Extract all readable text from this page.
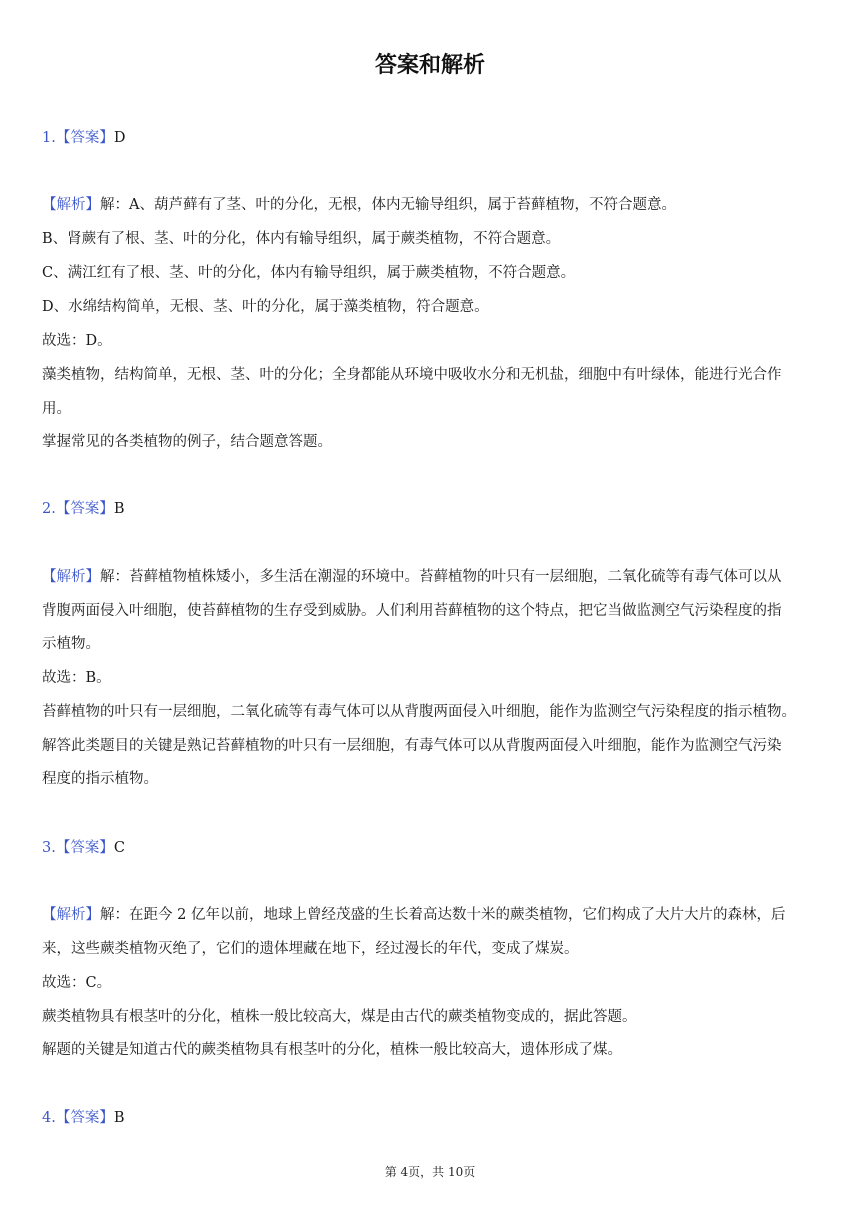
答案和解析
1.【答案】D
【解析】解：A、葫芦藓有了茎、叶的分化，无根，体内无输导组织，属于苔藓植物，不符合题意。
B、肾蕨有了根、茎、叶的分化，体内有输导组织，属于蕨类植物，不符合题意。
C、满江红有了根、茎、叶的分化，体内有输导组织，属于蕨类植物，不符合题意。
D、水绵结构简单，无根、茎、叶的分化，属于藻类植物，符合题意。
故选：D。
藻类植物，结构简单，无根、茎、叶的分化；全身都能从环境中吸收水分和无机盐，细胞中有叶绿体，能进行光合作
用。
掌握常见的各类植物的例子，结合题意答题。
2.【答案】B
【解析】解：苔藓植物植株矮小，多生活在潮湿的环境中。苔藓植物的叶只有一层细胞，二氧化硫等有毒气体可以从
背腹两面侵入叶细胞，使苔藓植物的生存受到威胁。人们利用苔藓植物的这个特点，把它当做监测空气污染程度的指
示植物。
故选：B。
苔藓植物的叶只有一层细胞，二氧化硫等有毒气体可以从背腹两面侵入叶细胞，能作为监测空气污染程度的指示植物。
解答此类题目的关键是熟记苔藓植物的叶只有一层细胞，有毒气体可以从背腹两面侵入叶细胞，能作为监测空气污染
程度的指示植物。
3.【答案】C
【解析】解：在距今 2 亿年以前，地球上曾经茂盛的生长着高达数十米的蕨类植物，它们构成了大片大片的森林，后
来，这些蕨类植物灭绝了，它们的遗体埋藏在地下，经过漫长的年代，变成了煤炭。
故选：C。
蕨类植物具有根茎叶的分化，植株一般比较高大，煤是由古代的蕨类植物变成的，据此答题。
解题的关键是知道古代的蕨类植物具有根茎叶的分化，植株一般比较高大，遗体形成了煤。
4.【答案】B
第 4页，共 10页
